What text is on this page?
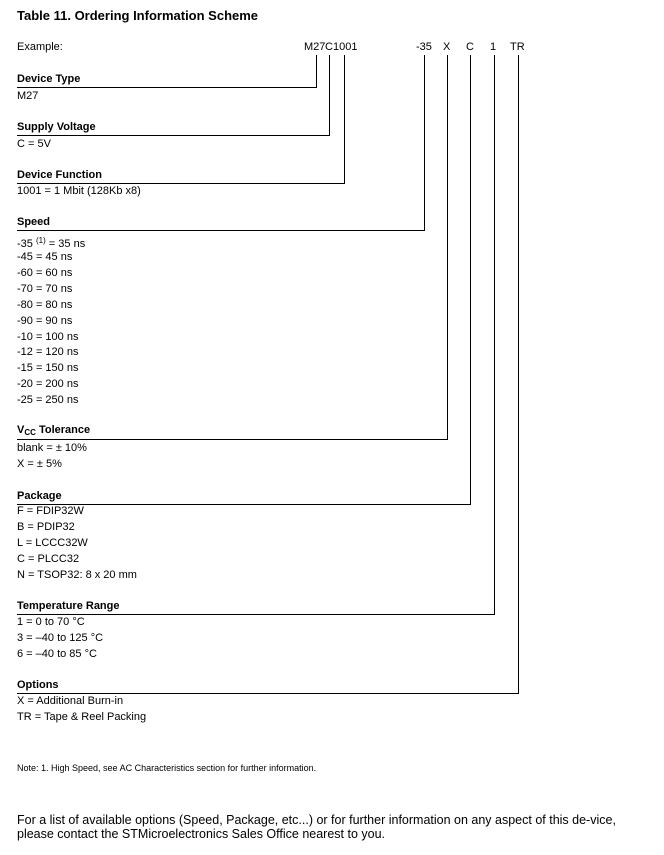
Table 11. Ordering Information Scheme
Example:	M27 C 1001	-35 X C 1 TR
Device Type
M27
Supply Voltage
C = 5V
Device Function
1001 = 1 Mbit (128Kb x8)
Speed
-35 $^{(1)}$ = 35 ns
-45 = 45 ns
-60 = 60 ns
-70 = 70 ns
-80 = 80 ns
-90 = 90 ns
-10 = 100 ns
-12 = 120 ns
-15 = 150 ns
-20 = 200 ns
-25 = 250 ns
$V_{CC}$ Tolerance
blank = ± 10%
X = ± 5%
Package
F = FDIP32W
B = PDIP32
L = LCCC32W
C = PLCC32
N = TSOP32: 8 x 20 mm
Temperature Range
1 = 0 to 70 °C
3 = –40 to 125 °C
6 = –40 to 85 °C
Options
X = Additional Burn-in
TR = Tape & Reel Packing
Note: 1. High Speed, see AC Characteristics section for further information.
For a list of available options (Speed, Package, etc...) or for further information on any aspect of this de-vice, please contact the STMicroelectronics Sales Office nearest to you.
